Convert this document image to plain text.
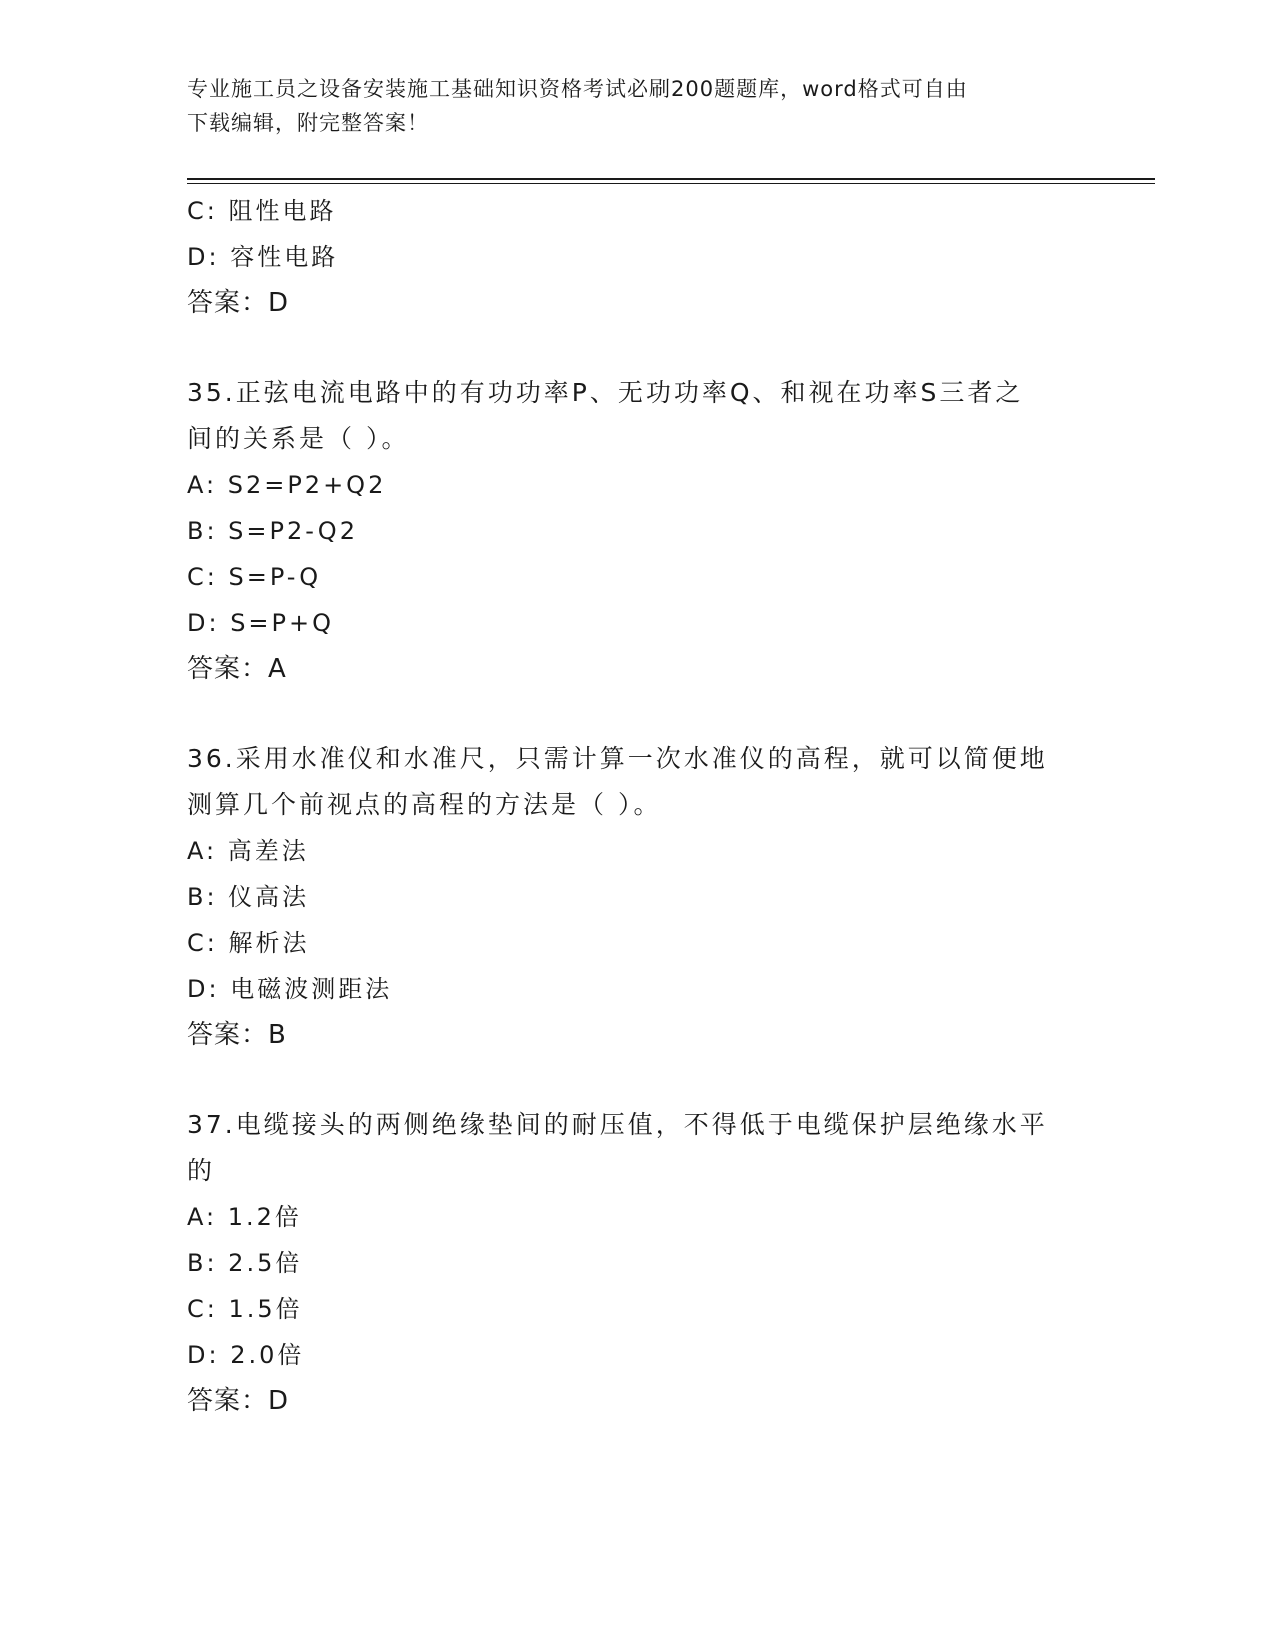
专业施工员之设备安装施工基础知识资格考试必刷200题题库，word格式可自由
下载编辑，附完整答案！
C: 阻性电路
D: 容性电路
答案：D
35.正弦电流电路中的有功功率P、无功功率Q、和视在功率S三者之
间的关系是（ ）。
A: S2=P2+Q2
B: S=P2-Q2
C: S=P-Q
D: S=P+Q
答案：A
36.采用水准仪和水准尺，只需计算一次水准仪的高程，就可以简便地
测算几个前视点的高程的方法是（ ）。
A: 高差法
B: 仪高法
C: 解析法
D: 电磁波测距法
答案：B
37.电缆接头的两侧绝缘垫间的耐压值，不得低于电缆保护层绝缘水平
的
A: 1.2倍
B: 2.5倍
C: 1.5倍
D: 2.0倍
答案：D
